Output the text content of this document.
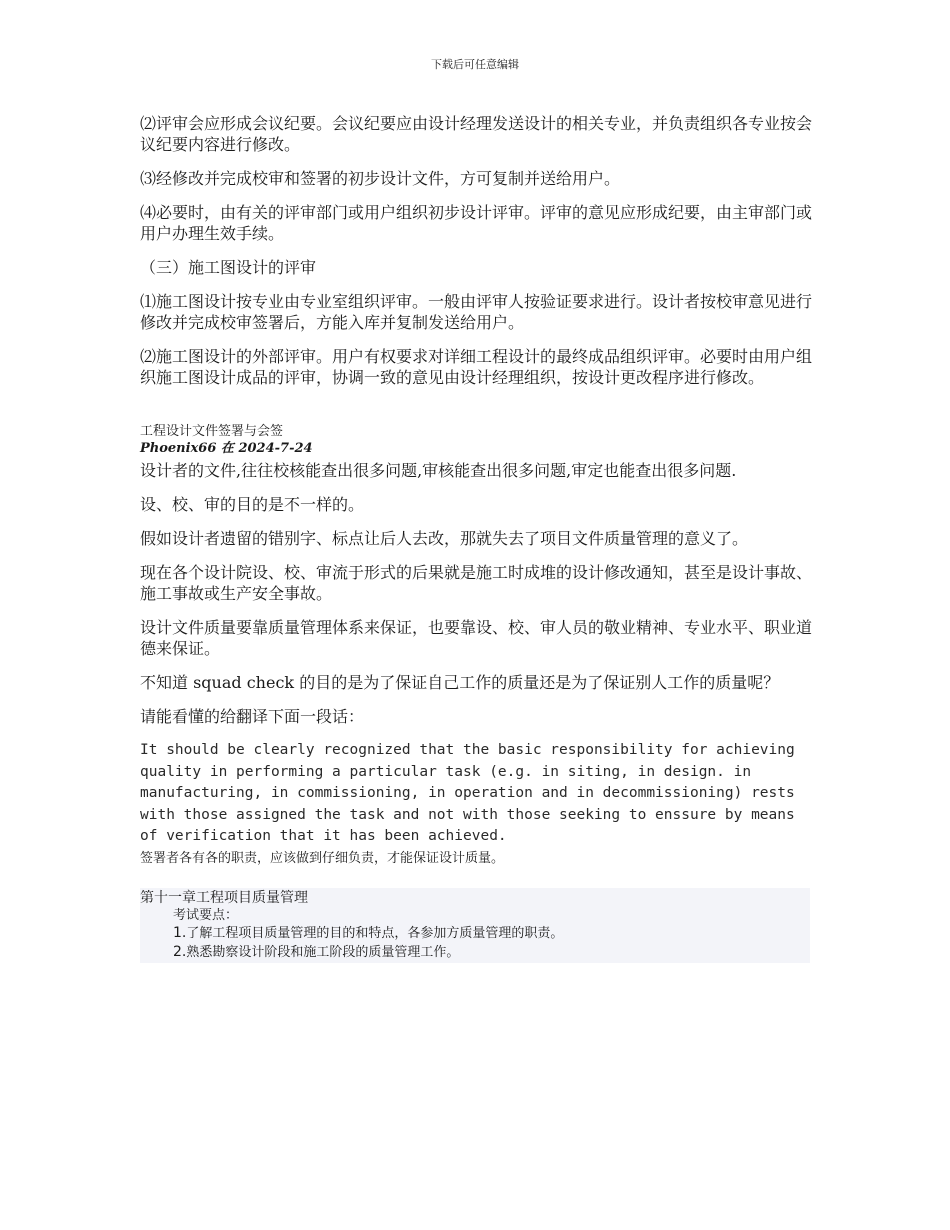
下载后可任意编辑

⑵评审会应形成会议纪要。会议纪要应由设计经理发送设计的相关专业，并负责组织各专业按会议纪要内容进行修改。

⑶经修改并完成校审和签署的初步设计文件，方可复制并送给用户。

⑷必要时，由有关的评审部门或用户组织初步设计评审。评审的意见应形成纪要，由主审部门或用户办理生效手续。

（三）施工图设计的评审

⑴施工图设计按专业由专业室组织评审。一般由评审人按验证要求进行。设计者按校审意见进行修改并完成校审签署后，方能入库并复制发送给用户。

⑵施工图设计的外部评审。用户有权要求对详细工程设计的最终成品组织评审。必要时由用户组织施工图设计成品的评审，协调一致的意见由设计经理组织，按设计更改程序进行修改。

工程设计文件签署与会签

Phoenix66 在 2024-7-24

设计者的文件,往往校核能查出很多问题,审核能查出很多问题,审定也能查出很多问题.

设、校、审的目的是不一样的。

假如设计者遗留的错别字、标点让后人去改，那就失去了项目文件质量管理的意义了。

现在各个设计院设、校、审流于形式的后果就是施工时成堆的设计修改通知，甚至是设计事故、施工事故或生产安全事故。

设计文件质量要靠质量管理体系来保证，也要靠设、校、审人员的敬业精神、专业水平、职业道德来保证。

不知道 squad check 的目的是为了保证自己工作的质量还是为了保证别人工作的质量呢？

请能看懂的给翻译下面一段话：

It should be clearly recognized that the basic responsibility for achieving quality in performing a particular task (e.g. in siting, in design. in manufacturing, in commissioning, in operation and in decommissioning) rests with those assigned the task and not with those seeking to enssure by means of verification that it has been achieved.

签署者各有各的职责，应该做到仔细负责，才能保证设计质量。

第十一章工程项目质量管理

考试要点：

1.了解工程项目质量管理的目的和特点，各参加方质量管理的职责。

2.熟悉勘察设计阶段和施工阶段的质量管理工作。
